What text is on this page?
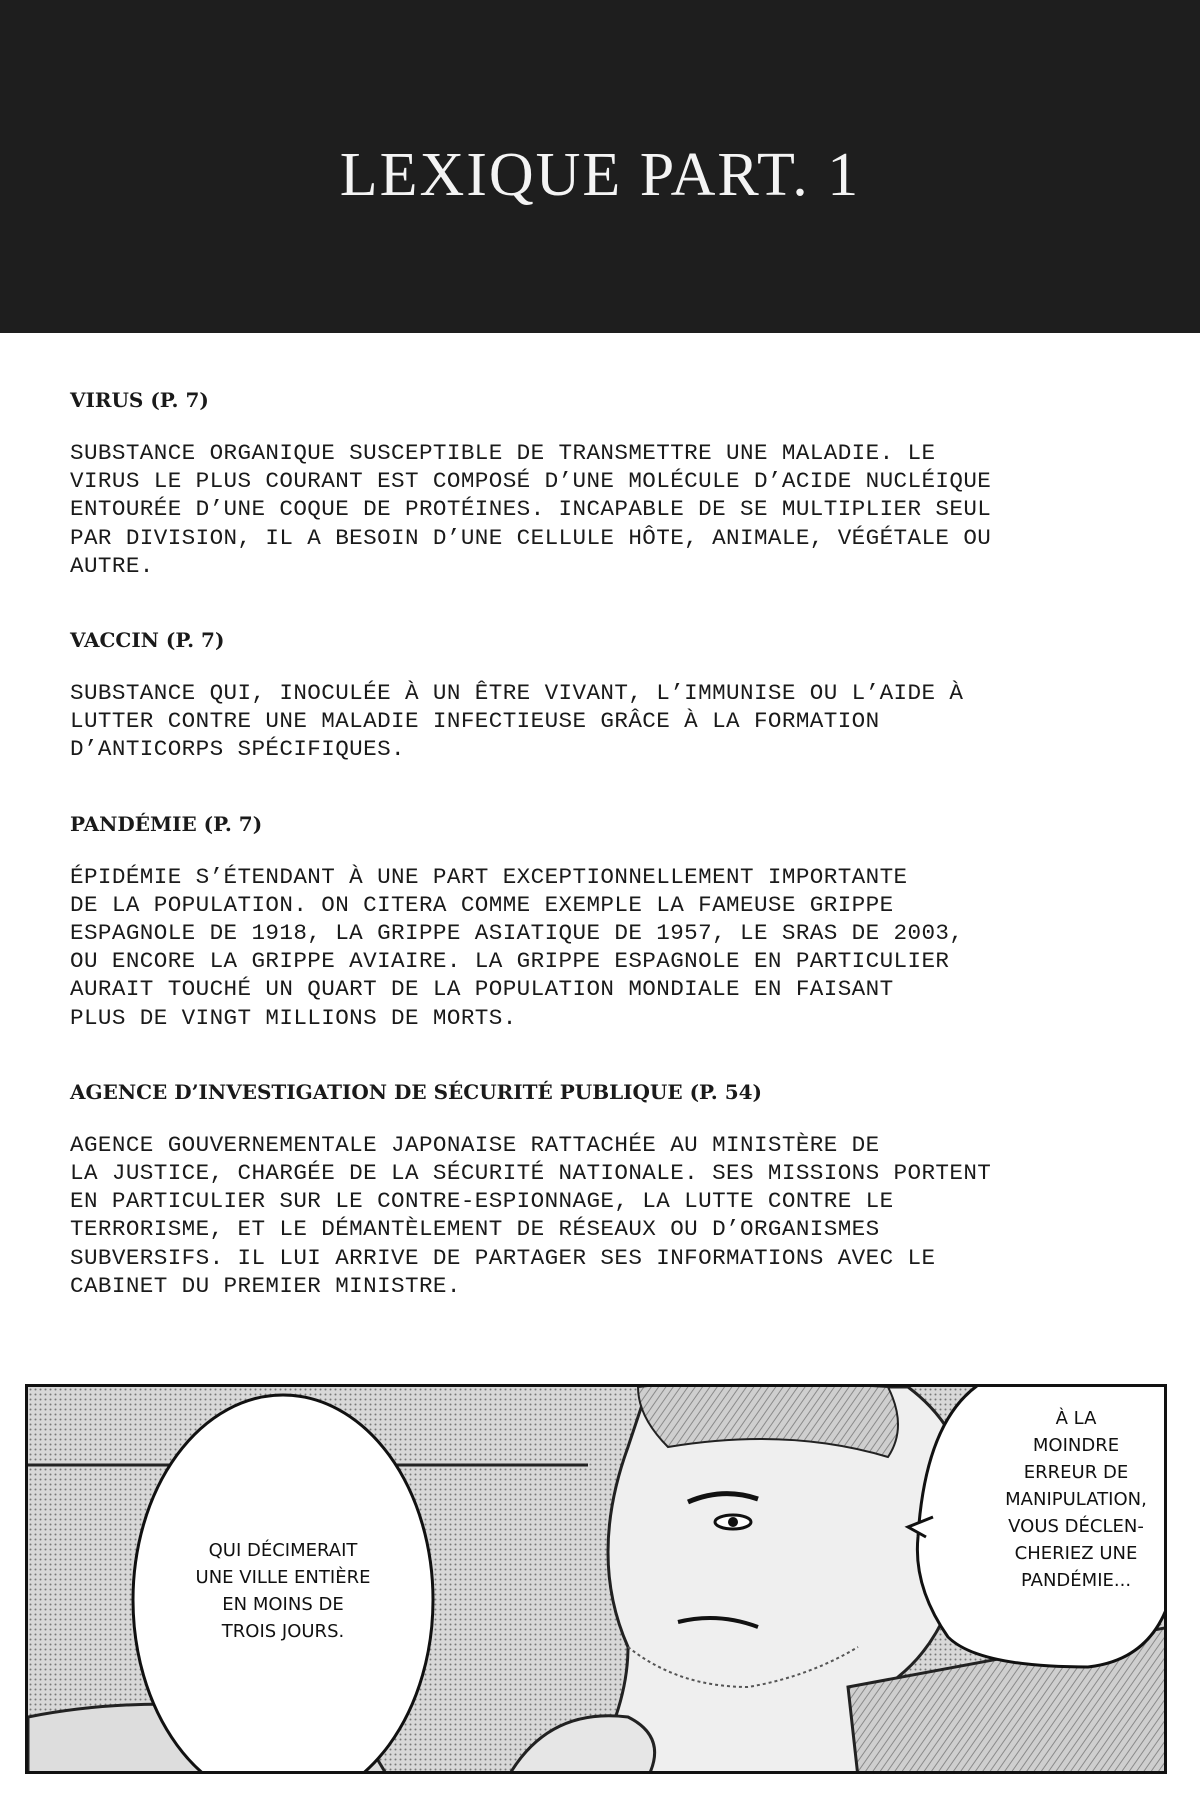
LEXIQUE PART. 1

VIRUS (P. 7)

SUBSTANCE ORGANIQUE SUSCEPTIBLE DE TRANSMETTRE UNE MALADIE. LE
VIRUS LE PLUS COURANT EST COMPOSÉ D’UNE MOLÉCULE D’ACIDE NUCLÉIQUE
ENTOURÉE D’UNE COQUE DE PROTÉINES. INCAPABLE DE SE MULTIPLIER SEUL
PAR DIVISION, IL A BESOIN D’UNE CELLULE HÔTE, ANIMALE, VÉGÉTALE OU
AUTRE.

VACCIN (P. 7)

SUBSTANCE QUI, INOCULÉE À UN ÊTRE VIVANT, L’IMMUNISE OU L’AIDE À
LUTTER CONTRE UNE MALADIE INFECTIEUSE GRÂCE À LA FORMATION
D’ANTICORPS SPÉCIFIQUES.

PANDÉMIE (P. 7)

ÉPIDÉMIE S’ÉTENDANT À UNE PART EXCEPTIONNELLEMENT IMPORTANTE
DE LA POPULATION. ON CITERA COMME EXEMPLE LA FAMEUSE GRIPPE
ESPAGNOLE DE 1918, LA GRIPPE ASIATIQUE DE 1957, LE SRAS DE 2003,
OU ENCORE LA GRIPPE AVIAIRE. LA GRIPPE ESPAGNOLE EN PARTICULIER
AURAIT TOUCHÉ UN QUART DE LA POPULATION MONDIALE EN FAISANT
PLUS DE VINGT MILLIONS DE MORTS.

AGENCE D’INVESTIGATION DE SÉCURITÉ PUBLIQUE (P. 54)

AGENCE GOUVERNEMENTALE JAPONAISE RATTACHÉE AU MINISTÈRE DE
LA JUSTICE, CHARGÉE DE LA SÉCURITÉ NATIONALE. SES MISSIONS PORTENT
EN PARTICULIER SUR LE CONTRE-ESPIONNAGE, LA LUTTE CONTRE LE
TERRORISME, ET LE DÉMANTÈLEMENT DE RÉSEAUX OU D’ORGANISMES
SUBVERSIFS. IL LUI ARRIVE DE PARTAGER SES INFORMATIONS AVEC LE
CABINET DU PREMIER MINISTRE.

QUI DÉCIMERAIT
UNE VILLE ENTIÈRE
EN MOINS DE
TROIS JOURS.
À LA
MOINDRE
ERREUR DE
MANIPULATION,
VOUS DÉCLEN-
CHERIEZ UNE
PANDÉMIE...
